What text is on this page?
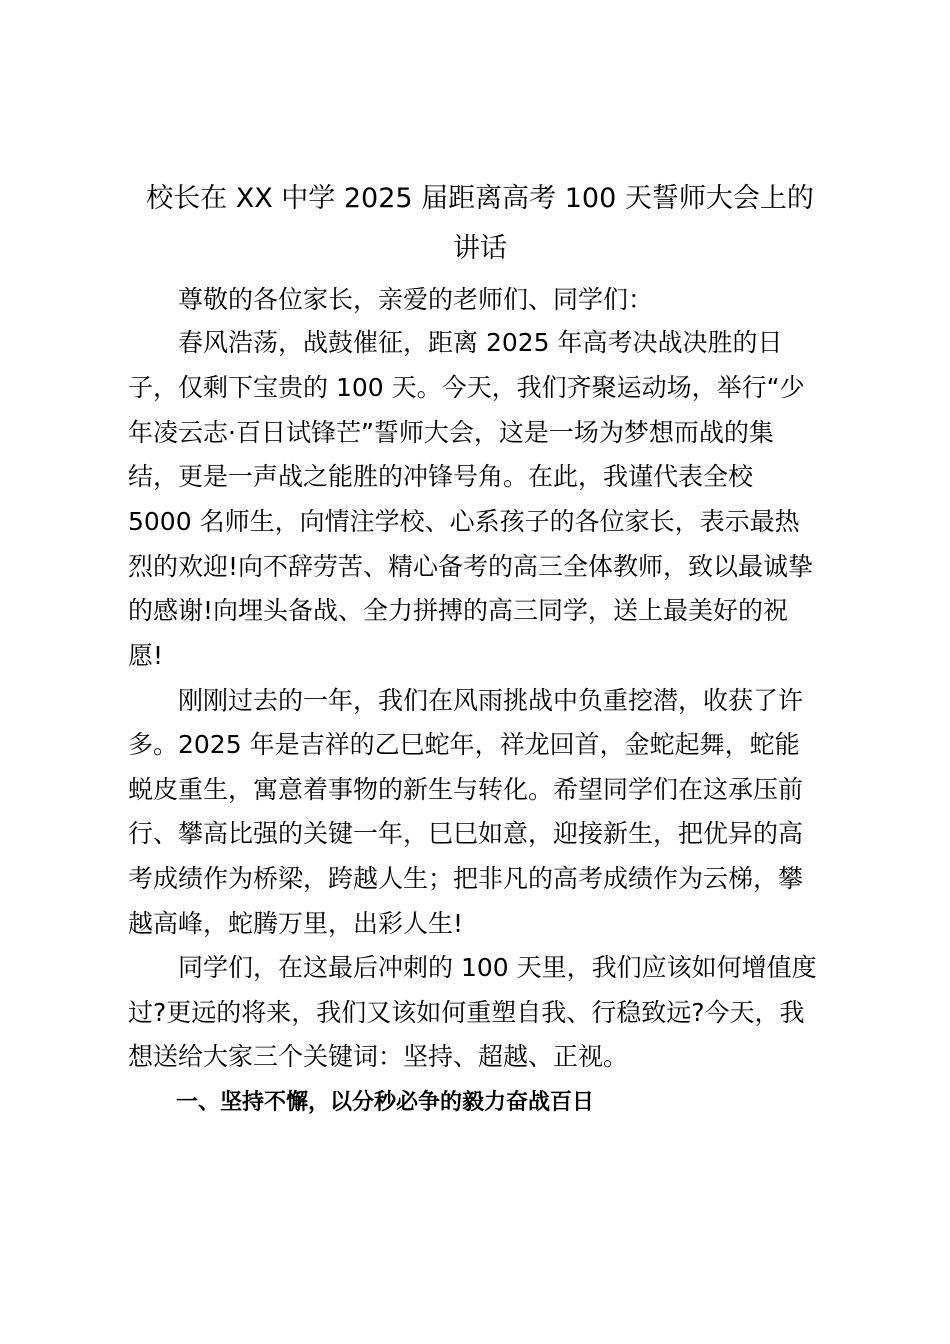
校长在 XX 中学 2025 届距离高考 100 天誓师大会上的
讲话
尊敬的各位家长，亲爱的老师们、同学们：
春风浩荡，战鼓催征，距离 2025 年高考决战决胜的日
子，仅剩下宝贵的 100 天。今天，我们齐聚运动场，举行“少
年凌云志·百日试锋芒”誓师大会，这是一场为梦想而战的集
结，更是一声战之能胜的冲锋号角。在此，我谨代表全校
5000 名师生，向情注学校、心系孩子的各位家长，表示最热
烈的欢迎!向不辞劳苦、精心备考的高三全体教师，致以最诚挚
的感谢!向埋头备战、全力拼搏的高三同学，送上最美好的祝
愿!
刚刚过去的一年，我们在风雨挑战中负重挖潜，收获了许
多。2025 年是吉祥的乙巳蛇年，祥龙回首，金蛇起舞，蛇能
蜕皮重生，寓意着事物的新生与转化。希望同学们在这承压前
行、攀高比强的关键一年，巳巳如意，迎接新生，把优异的高
考成绩作为桥梁，跨越人生；把非凡的高考成绩作为云梯，攀
越高峰，蛇腾万里，出彩人生!
同学们，在这最后冲刺的 100 天里，我们应该如何增值度
过?更远的将来，我们又该如何重塑自我、行稳致远?今天，我
想送给大家三个关键词：坚持、超越、正视。
一、坚持不懈，以分秒必争的毅力奋战百日
